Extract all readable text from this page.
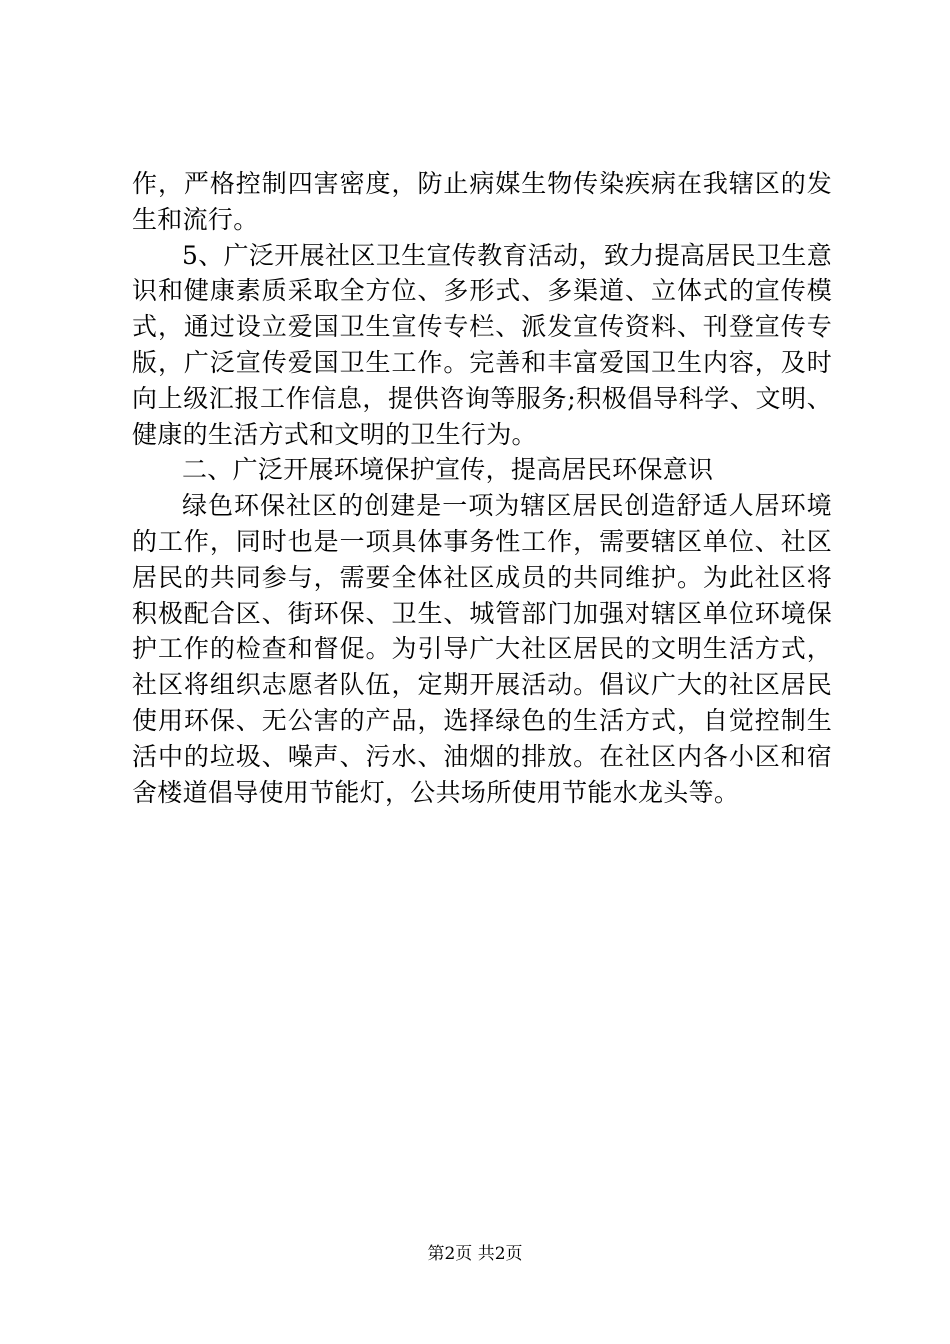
作，严格控制四害密度，防止病媒生物传染疾病在我辖区的发生和流行。

5、广泛开展社区卫生宣传教育活动，致力提高居民卫生意识和健康素质采取全方位、多形式、多渠道、立体式的宣传模式，通过设立爱国卫生宣传专栏、派发宣传资料、刊登宣传专版，广泛宣传爱国卫生工作。完善和丰富爱国卫生内容，及时向上级汇报工作信息，提供咨询等服务;积极倡导科学、文明、健康的生活方式和文明的卫生行为。

二、广泛开展环境保护宣传，提高居民环保意识

绿色环保社区的创建是一项为辖区居民创造舒适人居环境的工作，同时也是一项具体事务性工作，需要辖区单位、社区居民的共同参与，需要全体社区成员的共同维护。为此社区将积极配合区、街环保、卫生、城管部门加强对辖区单位环境保护工作的检查和督促。为引导广大社区居民的文明生活方式，社区将组织志愿者队伍，定期开展活动。倡议广大的社区居民使用环保、无公害的产品，选择绿色的生活方式，自觉控制生活中的垃圾、噪声、污水、油烟的排放。在社区内各小区和宿舍楼道倡导使用节能灯，公共场所使用节能水龙头等。

第2页 共2页
